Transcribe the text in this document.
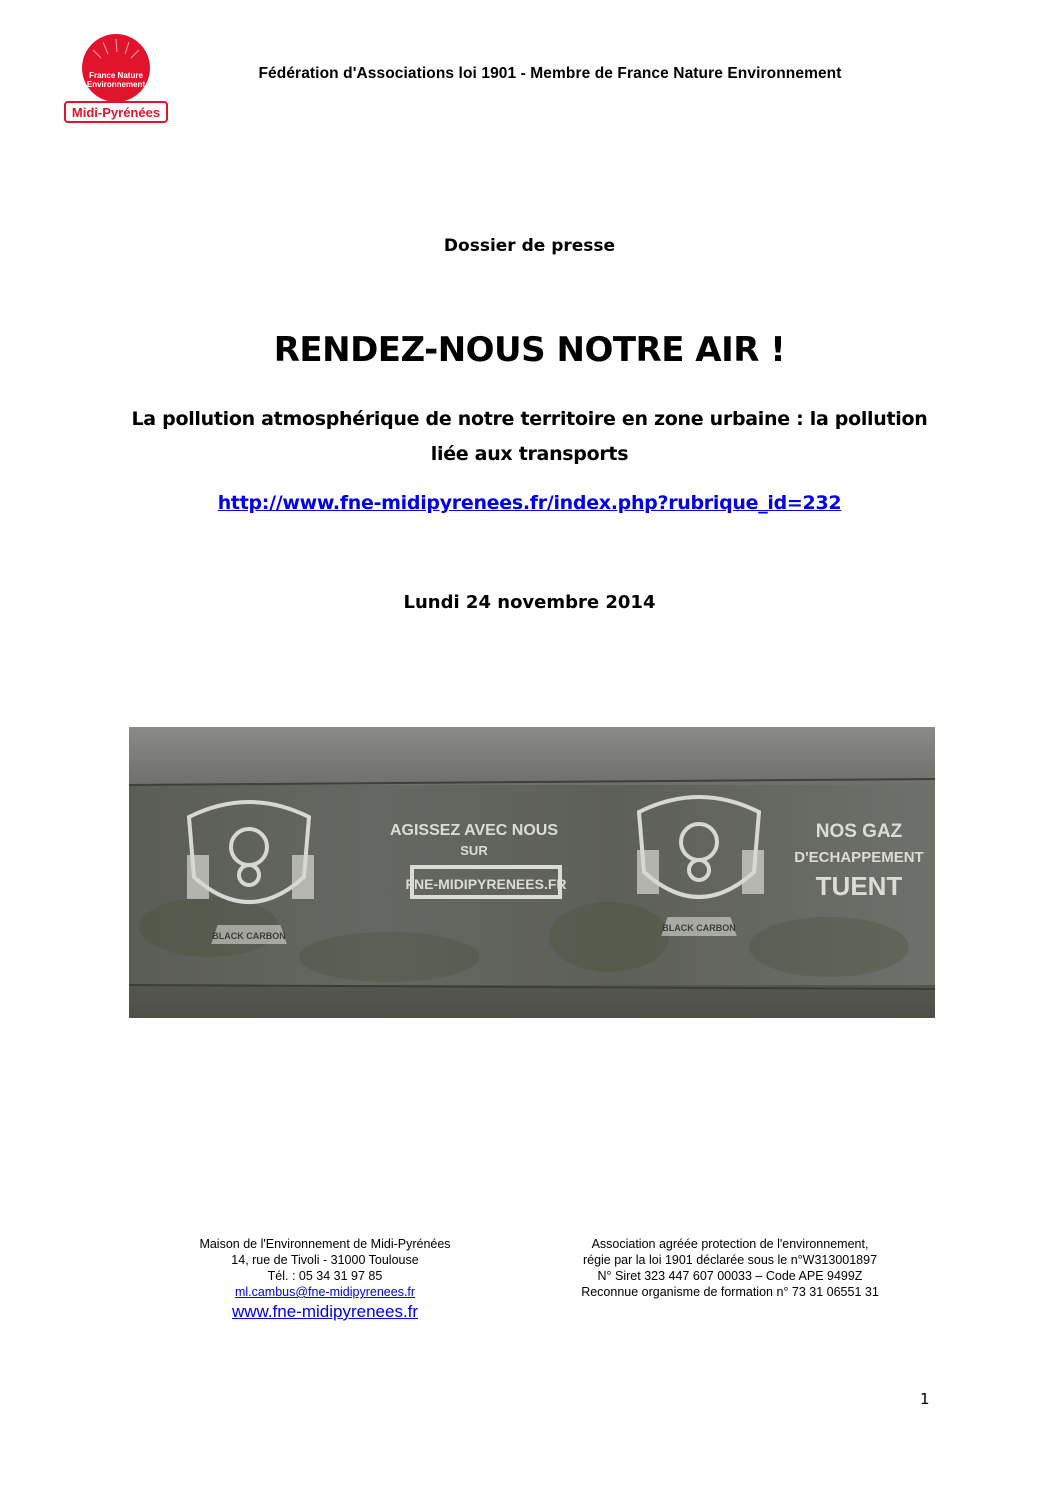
France Nature
Environnement
Midi-Pyrénées
Fédération d'Associations loi 1901 - Membre de France Nature Environnement
Dossier de presse
RENDEZ-NOUS NOTRE AIR !
La pollution atmosphérique de notre territoire en zone urbaine : la pollution
liée aux transports
http://www.fne-midipyrenees.fr/index.php?rubrique_id=232
Lundi 24 novembre 2014
AGISSEZ AVEC NOUS
SUR
FNE-MIDIPYRENEES.FR
NOS GAZ
D'ECHAPPEMENT
TUENT
BLACK CARBON
BLACK CARBON
Maison de l'Environnement de Midi-Pyrénées
14, rue de Tivoli - 31000 Toulouse
Tél. : 05 34 31 97 85
ml.cambus@fne-midipyrenees.fr
www.fne-midipyrenees.fr
Association agréée protection de l'environnement,
régie par la loi 1901 déclarée sous le n°W313001897
N° Siret 323 447 607 00033 – Code APE 9499Z
Reconnue organisme de formation n° 73 31 06551 31
1
